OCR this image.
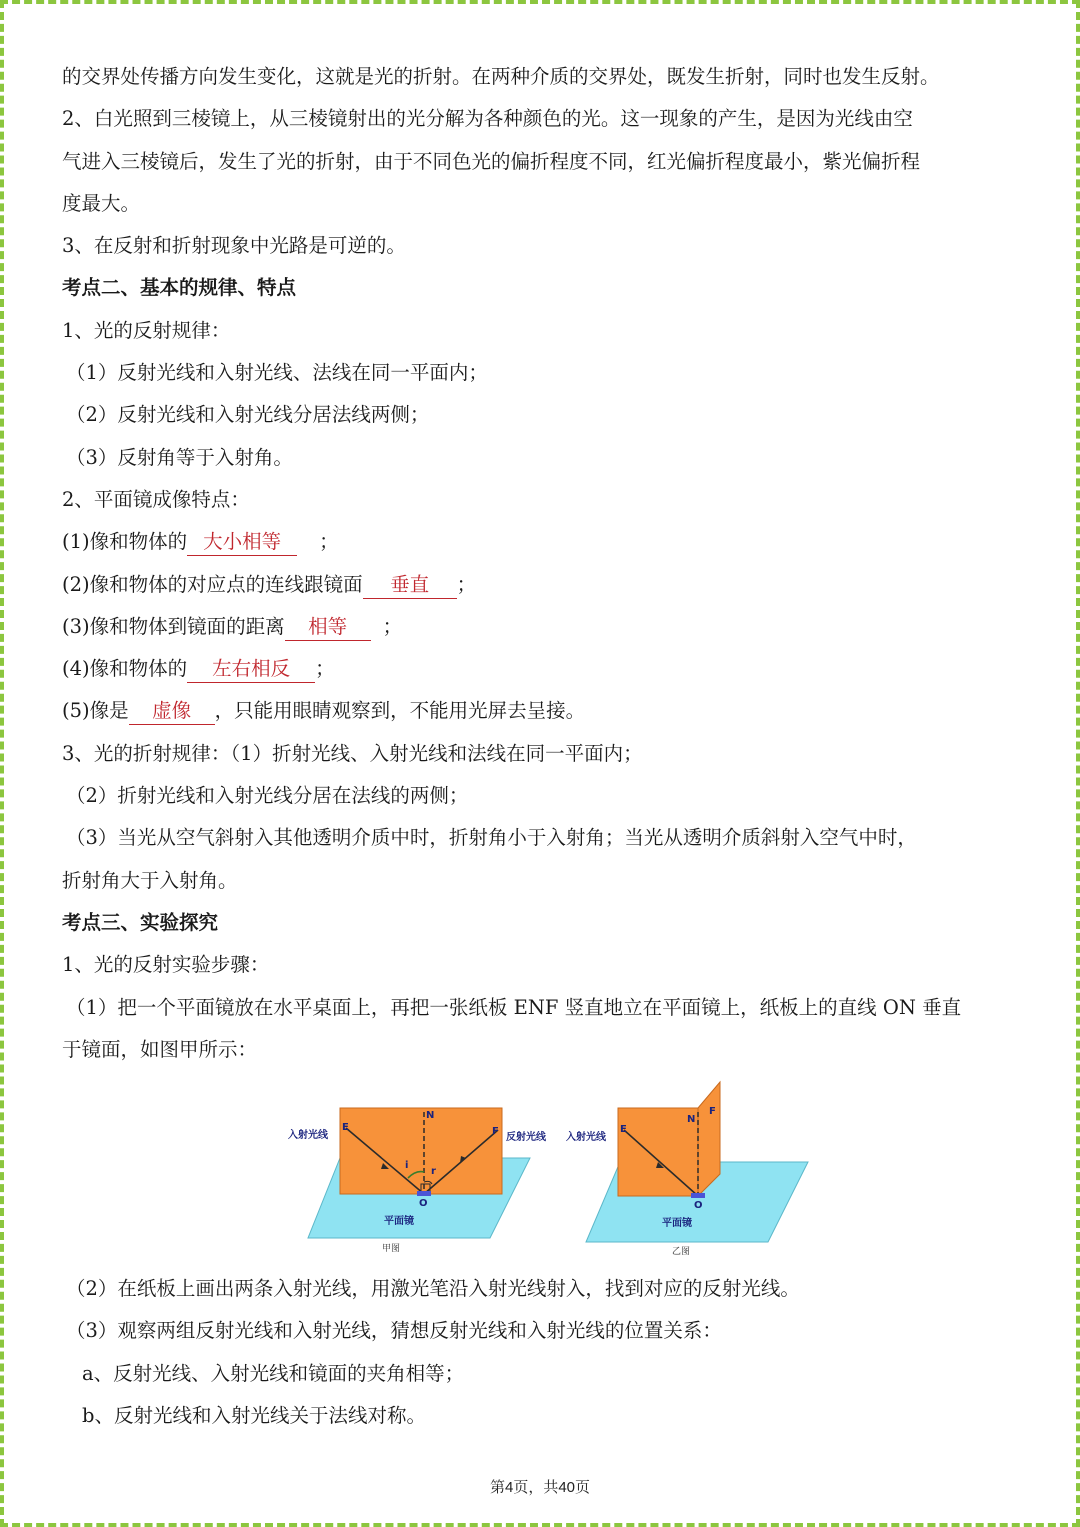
的交界处传播方向发生变化，这就是光的折射。在两种介质的交界处，既发生折射，同时也发生反射。

2、白光照到三棱镜上，从三棱镜射出的光分解为各种颜色的光。这一现象的产生，是因为光线由空

气进入三棱镜后，发生了光的折射，由于不同色光的偏折程度不同，红光偏折程度最小，紫光偏折程

度最大。

3、在反射和折射现象中光路是可逆的。

考点二、基本的规律、特点

1、光的反射规律：

（1）反射光线和入射光线、法线在同一平面内；

（2）反射光线和入射光线分居法线两侧；

（3）反射角等于入射角。

2、平面镜成像特点：

(1)像和物体的 大小相等 ；

(2)像和物体的对应点的连线跟镜面 垂直 ；

(3)像和物体到镜面的距离 相等 ；

(4)像和物体的 左右相反 ；

(5)像是 虚像 ，只能用眼睛观察到，不能用光屏去呈接。

3、光的折射规律：（1）折射光线、入射光线和法线在同一平面内；

（2）折射光线和入射光线分居在法线的两侧；

（3）当光从空气斜射入其他透明介质中时，折射角小于入射角；当光从透明介质斜射入空气中时，

折射角大于入射角。

考点三、实验探究

1、光的反射实验步骤：

（1）把一个平面镜放在水平桌面上，再把一张纸板 ENF 竖直地立在平面镜上，纸板上的直线 ON 垂直

于镜面，如图甲所示：

入射光线	反射光线
E
N
F
O
i
r
平面镜
甲图
入射光线
E
N
F
O
平面镜
乙图

（2）在纸板上画出两条入射光线，用激光笔沿入射光线射入，找到对应的反射光线。

（3）观察两组反射光线和入射光线，猜想反射光线和入射光线的位置关系：

a、反射光线、入射光线和镜面的夹角相等；

b、反射光线和入射光线关于法线对称。

第4页，共40页
